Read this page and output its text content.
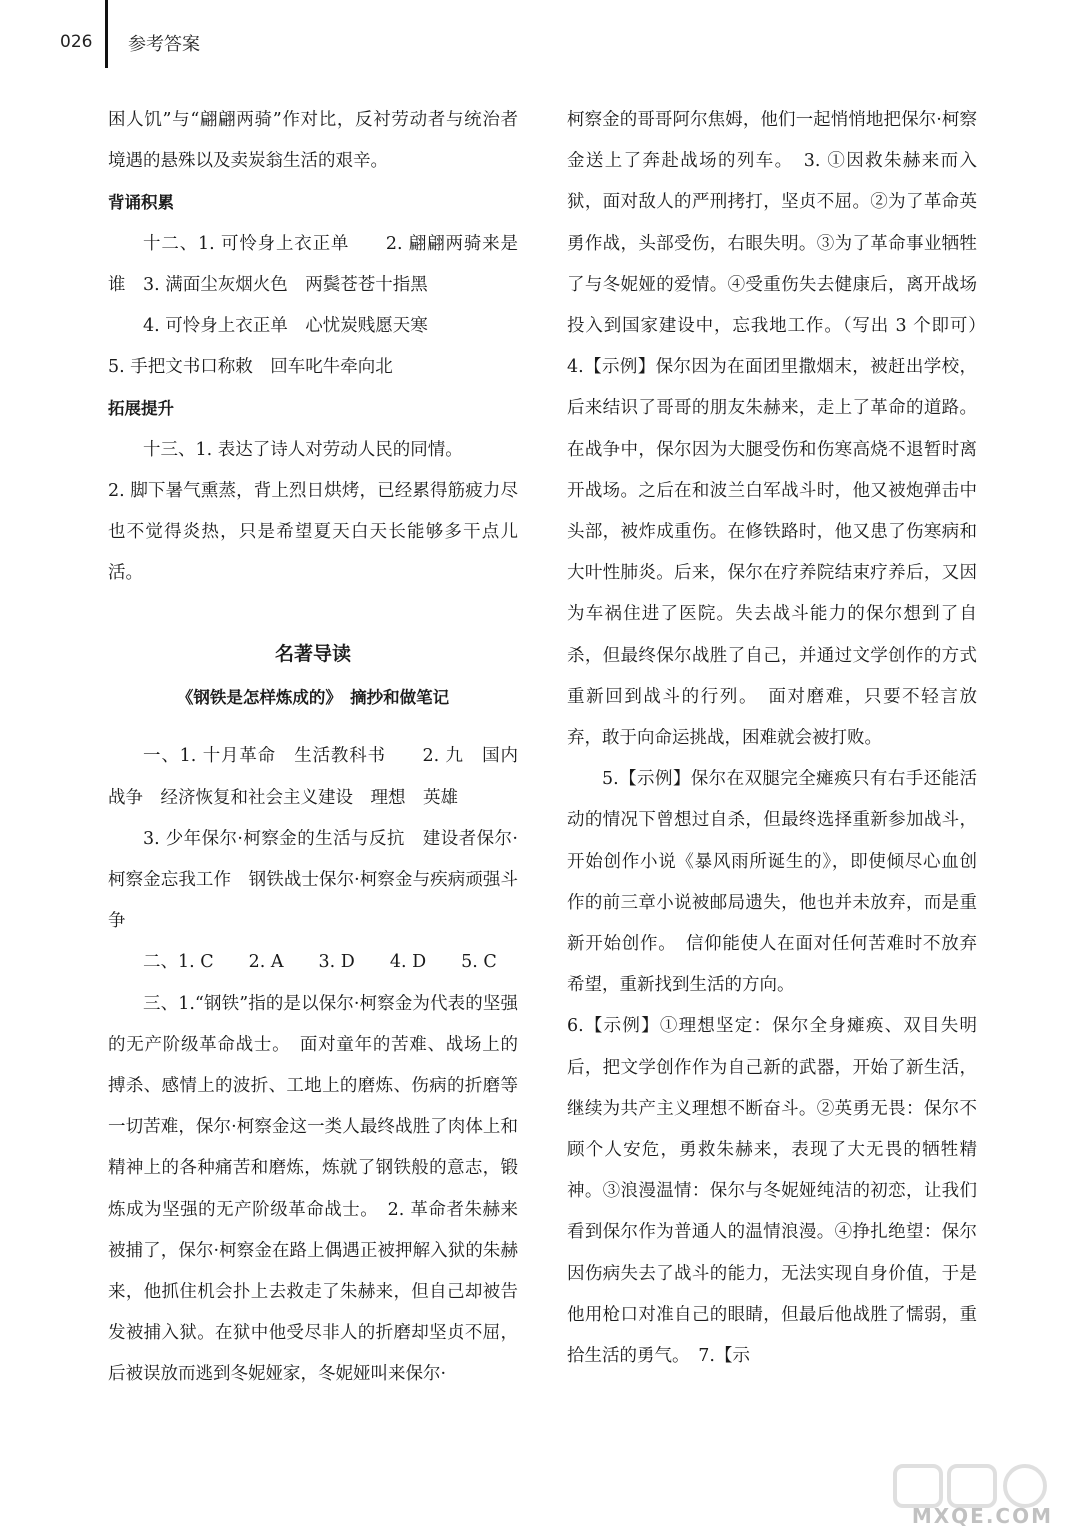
026 参考答案

困人饥”与“翩翩两骑”作对比，反衬劳动者与统治者境遇的悬殊以及卖炭翁生活的艰辛。

背诵积累

十二、1. 可怜身上衣正单　　2. 翩翩两骑来是谁　3. 满面尘灰烟火色　两鬓苍苍十指黑

4. 可怜身上衣正单　心忧炭贱愿天寒

5. 手把文书口称敕　回车叱牛牵向北

拓展提升

十三、1. 表达了诗人对劳动人民的同情。

2. 脚下暑气熏蒸，背上烈日烘烤，已经累得筋疲力尽也不觉得炎热，只是希望夏天白天长能够多干点儿活。

名著导读
《钢铁是怎样炼成的》　摘抄和做笔记

一、1. 十月革命　生活教科书　　2. 九　国内战争　经济恢复和社会主义建设　理想　英雄

3. 少年保尔·柯察金的生活与反抗　建设者保尔·柯察金忘我工作　钢铁战士保尔·柯察金与疾病顽强斗争

二、1. C　　2. A　　3. D　　4. D　　5. C

三、1.“钢铁”指的是以保尔·柯察金为代表的坚强的无产阶级革命战士。　面对童年的苦难、战场上的搏杀、感情上的波折、工地上的磨炼、伤病的折磨等一切苦难，保尔·柯察金这一类人最终战胜了肉体上和精神上的各种痛苦和磨炼，炼就了钢铁般的意志，锻炼成为坚强的无产阶级革命战士。　2. 革命者朱赫来被捕了，保尔·柯察金在路上偶遇正被押解入狱的朱赫来，他抓住机会扑上去救走了朱赫来，但自己却被告发被捕入狱。在狱中他受尽非人的折磨却坚贞不屈，后被误放而逃到冬妮娅家，冬妮娅叫来保尔·

柯察金的哥哥阿尔焦姆，他们一起悄悄地把保尔·柯察金送上了奔赴战场的列车。　3. ①因救朱赫来而入狱，面对敌人的严刑拷打，坚贞不屈。②为了革命英勇作战，头部受伤，右眼失明。③为了革命事业牺牲了与冬妮娅的爱情。④受重伤失去健康后，离开战场投入到国家建设中，忘我地工作。（写出 3 个即可）　4.【示例】保尔因为在面团里撒烟末，被赶出学校，后来结识了哥哥的朋友朱赫来，走上了革命的道路。在战争中，保尔因为大腿受伤和伤寒高烧不退暂时离开战场。之后在和波兰白军战斗时，他又被炮弹击中头部，被炸成重伤。在修铁路时，他又患了伤寒病和大叶性肺炎。后来，保尔在疗养院结束疗养后，又因为车祸住进了医院。失去战斗能力的保尔想到了自杀，但最终保尔战胜了自己，并通过文学创作的方式重新回到战斗的行列。　面对磨难，只要不轻言放弃，敢于向命运挑战，困难就会被打败。

5.【示例】保尔在双腿完全瘫痪只有右手还能活动的情况下曾想过自杀，但最终选择重新参加战斗，开始创作小说《暴风雨所诞生的》，即使倾尽心血创作的前三章小说被邮局遗失，他也并未放弃，而是重新开始创作。　信仰能使人在面对任何苦难时不放弃希望，重新找到生活的方向。

6.【示例】①理想坚定：保尔全身瘫痪、双目失明后，把文学创作作为自己新的武器，开始了新生活，继续为共产主义理想不断奋斗。②英勇无畏：保尔不顾个人安危，勇救朱赫来，表现了大无畏的牺牲精神。③浪漫温情：保尔与冬妮娅纯洁的初恋，让我们看到保尔作为普通人的温情浪漫。④挣扎绝望：保尔因伤病失去了战斗的能力，无法实现自身价值，于是他用枪口对准自己的眼睛，但最后他战胜了懦弱，重拾生活的勇气。　7.【示

MXQE.COM
